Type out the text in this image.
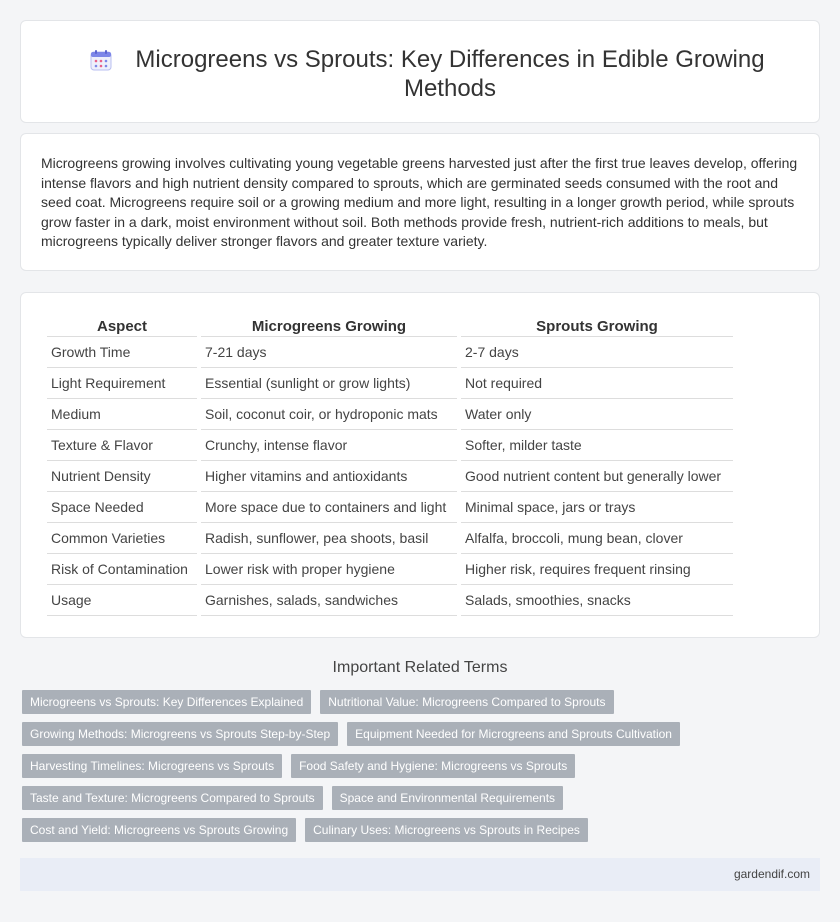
Microgreens vs Sprouts: Key Differences in Edible Growing Methods

Microgreens growing involves cultivating young vegetable greens harvested just after the first true leaves develop, offering intense flavors and high nutrient density compared to sprouts, which are germinated seeds consumed with the root and seed coat. Microgreens require soil or a growing medium and more light, resulting in a longer growth period, while sprouts grow faster in a dark, moist environment without soil. Both methods provide fresh, nutrient-rich additions to meals, but microgreens typically deliver stronger flavors and greater texture variety.

Aspect	Microgreens Growing	Sprouts Growing
Growth Time	7-21 days	2-7 days
Light Requirement	Essential (sunlight or grow lights)	Not required
Medium	Soil, coconut coir, or hydroponic mats	Water only
Texture & Flavor	Crunchy, intense flavor	Softer, milder taste
Nutrient Density	Higher vitamins and antioxidants	Good nutrient content but generally lower
Space Needed	More space due to containers and light	Minimal space, jars or trays
Common Varieties	Radish, sunflower, pea shoots, basil	Alfalfa, broccoli, mung bean, clover
Risk of Contamination	Lower risk with proper hygiene	Higher risk, requires frequent rinsing
Usage	Garnishes, salads, sandwiches	Salads, smoothies, snacks
Important Related Terms
Microgreens vs Sprouts: Key Differences Explained	Nutritional Value: Microgreens Compared to Sprouts
Growing Methods: Microgreens vs Sprouts Step-by-Step	Equipment Needed for Microgreens and Sprouts Cultivation
Harvesting Timelines: Microgreens vs Sprouts	Food Safety and Hygiene: Microgreens vs Sprouts
Taste and Texture: Microgreens Compared to Sprouts	Space and Environmental Requirements
Cost and Yield: Microgreens vs Sprouts Growing	Culinary Uses: Microgreens vs Sprouts in Recipes
gardendif.com
